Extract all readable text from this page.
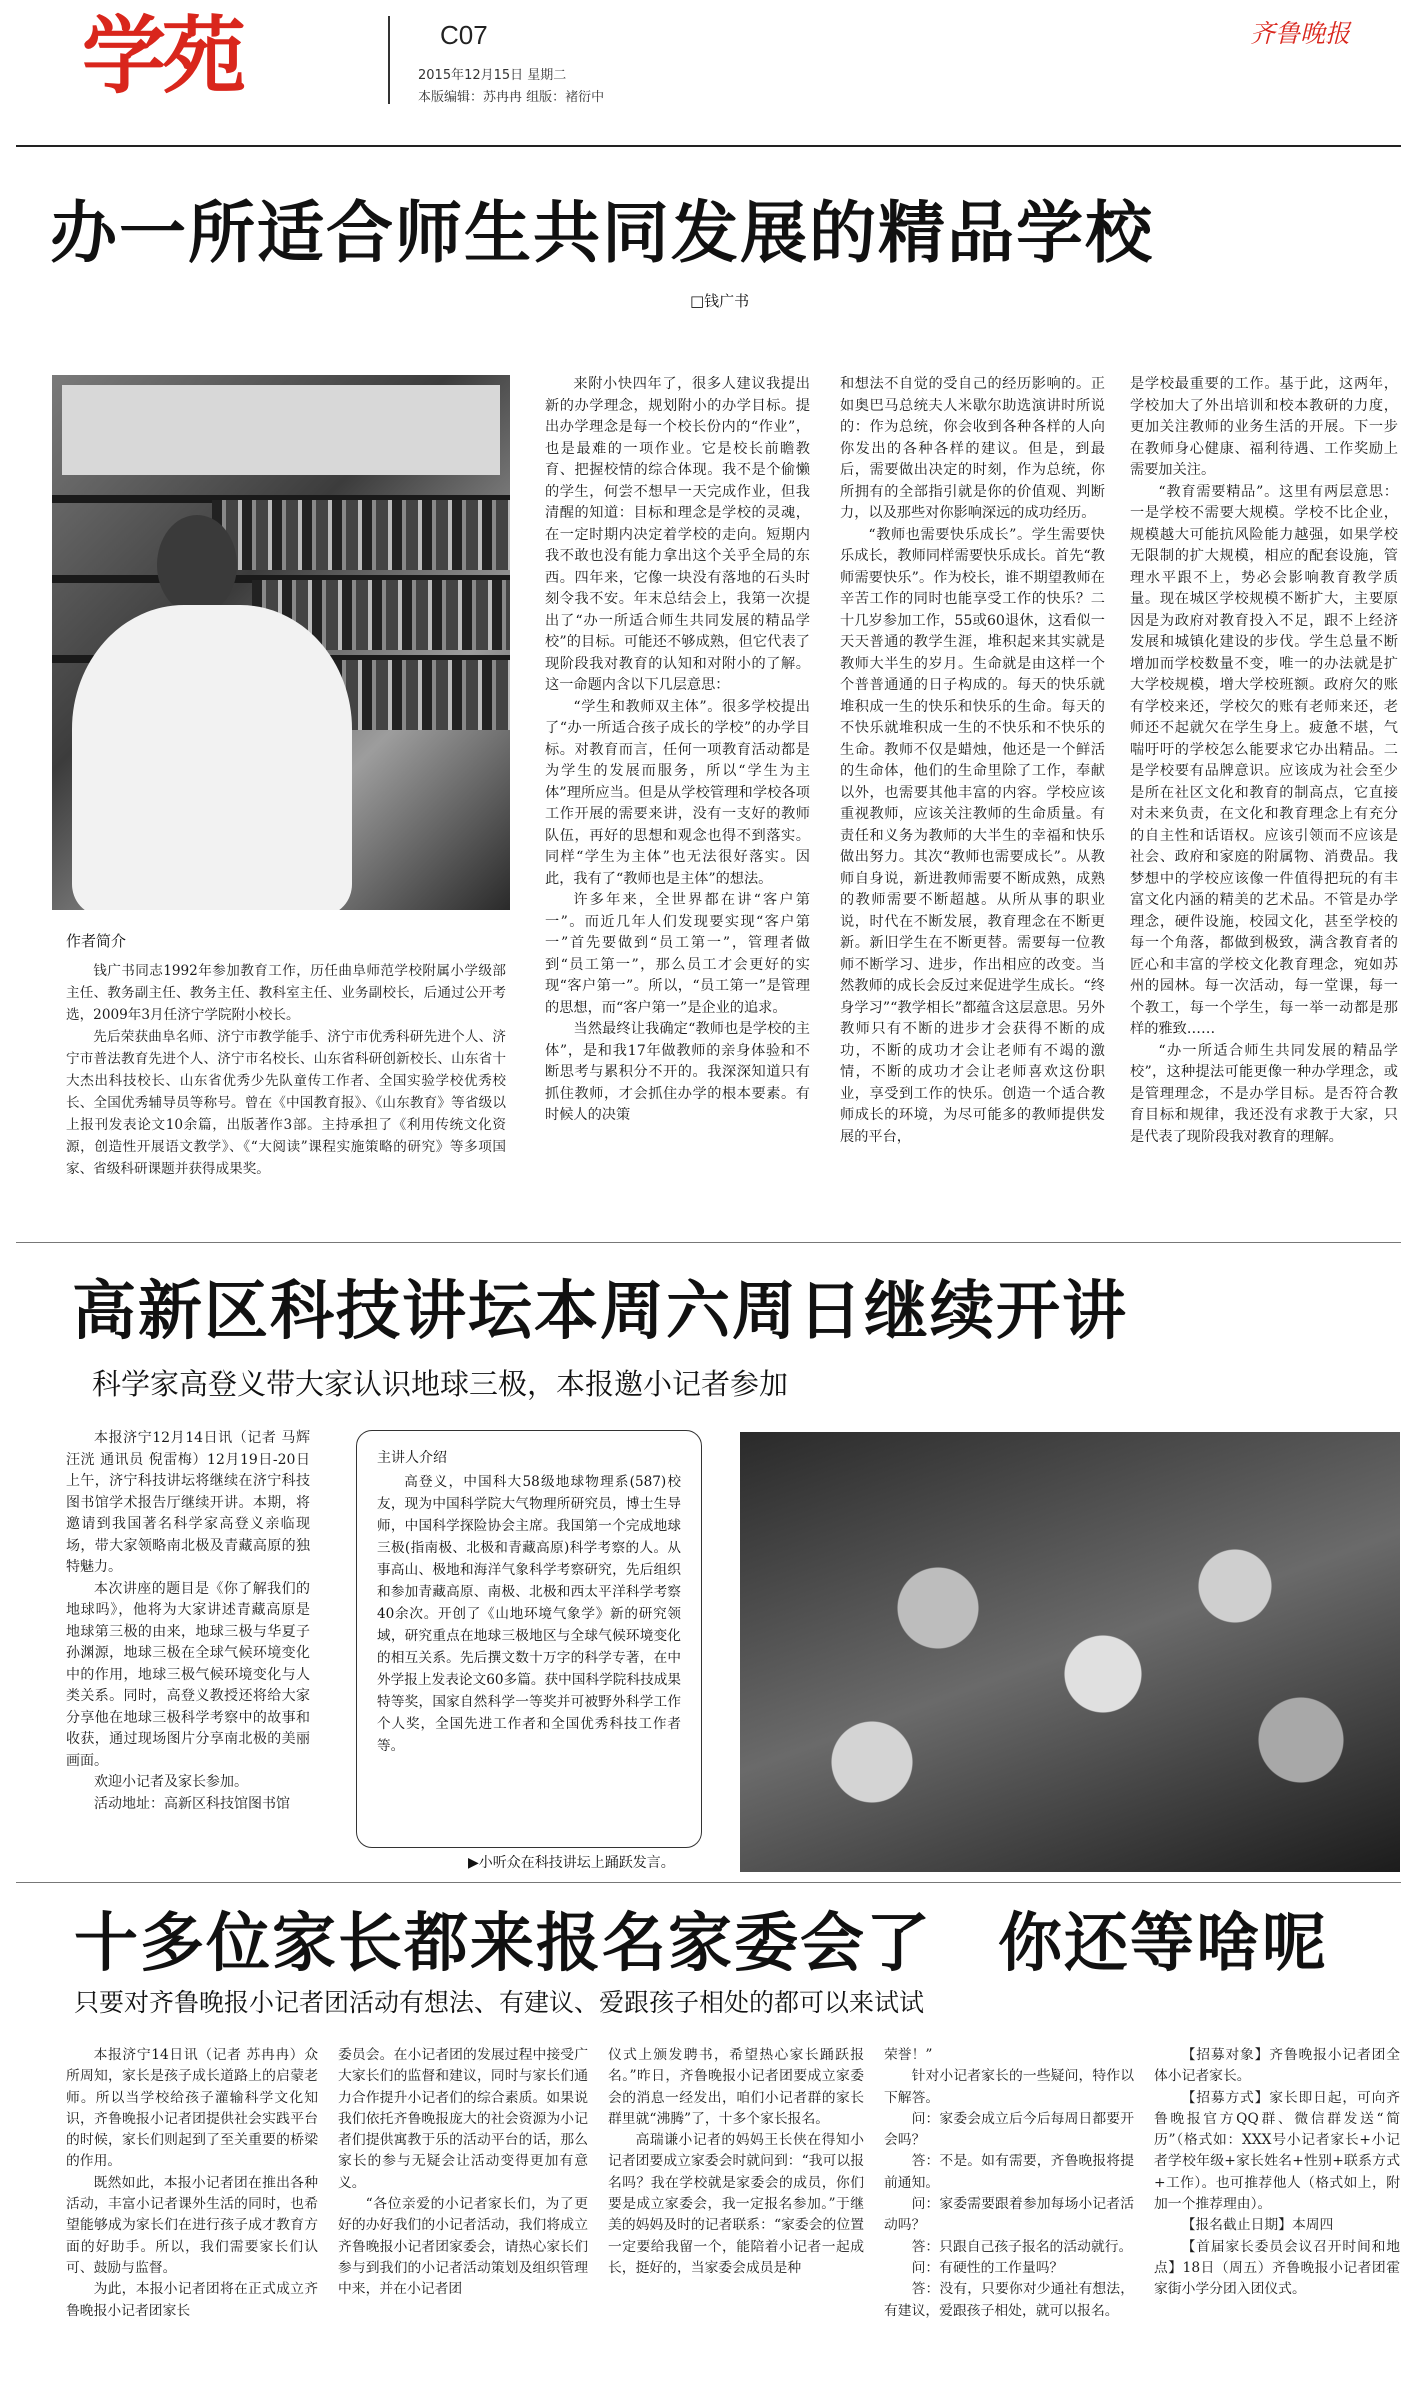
学苑	C07
2015年12月15日 星期二
本版编辑：苏冉冉 组版：褚衍中
齐鲁晚报
办一所适合师生共同发展的精品学校
□钱广书
作者简介

钱广书同志1992年参加教育工作，历任曲阜师范学校附属小学级部主任、教务副主任、教务主任、教科室主任、业务副校长，后通过公开考选，2009年3月任济宁学院附小校长。

先后荣获曲阜名师、济宁市教学能手、济宁市优秀科研先进个人、济宁市普法教育先进个人、济宁市名校长、山东省科研创新校长、山东省十大杰出科技校长、山东省优秀少先队童传工作者、全国实验学校优秀校长、全国优秀辅导员等称号。曾在《中国教育报》、《山东教育》等省级以上报刊发表论文10余篇，出版著作3部。主持承担了《利用传统文化资源，创造性开展语文教学》、《“大阅读”课程实施策略的研究》等多项国家、省级科研课题并获得成果奖。

来附小快四年了，很多人建议我提出新的办学理念，规划附小的办学目标。提出办学理念是每一个校长份内的“作业”，也是最难的一项作业。它是校长前瞻教育、把握校情的综合体现。我不是个偷懒的学生，何尝不想早一天完成作业，但我清醒的知道：目标和理念是学校的灵魂，在一定时期内决定着学校的走向。短期内我不敢也没有能力拿出这个关乎全局的东西。四年来，它像一块没有落地的石头时刻令我不安。年末总结会上，我第一次提出了“办一所适合师生共同发展的精品学校”的目标。可能还不够成熟，但它代表了现阶段我对教育的认知和对附小的了解。这一命题内含以下几层意思：

“学生和教师双主体”。很多学校提出了“办一所适合孩子成长的学校”的办学目标。对教育而言，任何一项教育活动都是为学生的发展而服务，所以“学生为主体”理所应当。但是从学校管理和学校各项工作开展的需要来讲，没有一支好的教师队伍，再好的思想和观念也得不到落实。同样“学生为主体”也无法很好落实。因此，我有了“教师也是主体”的想法。

许多年来，全世界都在讲“客户第一”。而近几年人们发现要实现“客户第一”首先要做到“员工第一”，管理者做到“员工第一”，那么员工才会更好的实现“客户第一”。所以，“员工第一”是管理的思想，而“客户第一”是企业的追求。

当然最终让我确定“教师也是学校的主体”，是和我17年做教师的亲身体验和不断思考与累积分不开的。我深深知道只有抓住教师，才会抓住办学的根本要素。有时候人的决策

和想法不自觉的受自己的经历影响的。正如奥巴马总统夫人米歇尔助选演讲时所说的：作为总统，你会收到各种各样的人向你发出的各种各样的建议。但是，到最后，需要做出决定的时刻，作为总统，你所拥有的全部指引就是你的价值观、判断力，以及那些对你影响深远的成功经历。

“教师也需要快乐成长”。学生需要快乐成长，教师同样需要快乐成长。首先“教师需要快乐”。作为校长，谁不期望教师在辛苦工作的同时也能享受工作的快乐？二十几岁参加工作，55或60退休，这看似一天天普通的教学生涯，堆积起来其实就是教师大半生的岁月。生命就是由这样一个个普普通通的日子构成的。每天的快乐就堆积成一生的快乐和快乐的生命。每天的不快乐就堆积成一生的不快乐和不快乐的生命。教师不仅是蜡烛，他还是一个鲜活的生命体，他们的生命里除了工作，奉献以外，也需要其他丰富的内容。学校应该重视教师，应该关注教师的生命质量。有责任和义务为教师的大半生的幸福和快乐做出努力。其次“教师也需要成长”。从教师自身说，新进教师需要不断成熟，成熟的教师需要不断超越。从所从事的职业说，时代在不断发展，教育理念在不断更新。新旧学生在不断更替。需要每一位教师不断学习、进步，作出相应的改变。当然教师的成长会反过来促进学生成长。“终身学习”“教学相长”都蕴含这层意思。另外教师只有不断的进步才会获得不断的成功，不断的成功才会让老师有不竭的激情，不断的成功才会让老师喜欢这份职业，享受到工作的快乐。创造一个适合教师成长的环境，为尽可能多的教师提供发展的平台，

是学校最重要的工作。基于此，这两年，学校加大了外出培训和校本教研的力度，更加关注教师的业务生活的开展。下一步在教师身心健康、福利待遇、工作奖励上需要加关注。

“教育需要精品”。这里有两层意思：一是学校不需要大规模。学校不比企业，规模越大可能抗风险能力越强，如果学校无限制的扩大规模，相应的配套设施，管理水平跟不上，势必会影响教育教学质量。现在城区学校规模不断扩大，主要原因是为政府对教育投入不足，跟不上经济发展和城镇化建设的步伐。学生总量不断增加而学校数量不变，唯一的办法就是扩大学校规模，增大学校班额。政府欠的账有学校来还，学校欠的账有老师来还，老师还不起就欠在学生身上。疲惫不堪，气喘吁吁的学校怎么能要求它办出精品。二是学校要有品牌意识。应该成为社会至少是所在社区文化和教育的制高点，它直接对未来负责，在文化和教育理念上有充分的自主性和话语权。应该引领而不应该是社会、政府和家庭的附属物、消费品。我梦想中的学校应该像一件值得把玩的有丰富文化内涵的精美的艺术品。不管是办学理念，硬件设施，校园文化，甚至学校的每一个角落，都做到极致，满含教育者的匠心和丰富的学校文化教育理念，宛如苏州的园林。每一次活动，每一堂课，每一个教工，每一个学生，每一举一动都是那样的雅致……

“办一所适合师生共同发展的精品学校”，这种提法可能更像一种办学理念，或是管理理念，不是办学目标。是否符合教育目标和规律，我还没有求教于大家，只是代表了现阶段我对教育的理解。

高新区科技讲坛本周六周日继续开讲
科学家高登义带大家认识地球三极，本报邀小记者参加

本报济宁12月14日讯（记者 马辉 汪洸 通讯员 倪雷梅）12月19日-20日上午，济宁科技讲坛将继续在济宁科技图书馆学术报告厅继续开讲。本期，将邀请到我国著名科学家高登义亲临现场，带大家领略南北极及青藏高原的独特魅力。

本次讲座的题目是《你了解我们的地球吗》，他将为大家讲述青藏高原是地球第三极的由来，地球三极与华夏子孙渊源，地球三极在全球气候环境变化中的作用，地球三极气候环境变化与人类关系。同时，高登义教授还将给大家分享他在地球三极科学考察中的故事和收获，通过现场图片分享南北极的美丽画面。

欢迎小记者及家长参加。

活动地址：高新区科技馆图书馆

主讲人介绍
高登义，中国科大58级地球物理系(587)校友，现为中国科学院大气物理所研究员，博士生导师，中国科学探险协会主席。我国第一个完成地球三极(指南极、北极和青藏高原)科学考察的人。从事高山、极地和海洋气象科学考察研究，先后组织和参加青藏高原、南极、北极和西太平洋科学考察40余次。开创了《山地环境气象学》新的研究领域，研究重点在地球三极地区与全球气候环境变化的相互关系。先后撰文数十万字的科学专著，在中外学报上发表论文60多篇。获中国科学院科技成果特等奖，国家自然科学一等奖并可被野外科学工作个人奖，全国先进工作者和全国优秀科技工作者等。
▶小听众在科技讲坛上踊跃发言。
十多位家长都来报名家委会了　你还等啥呢
只要对齐鲁晚报小记者团活动有想法、有建议、爱跟孩子相处的都可以来试试

本报济宁14日讯（记者 苏冉冉）众所周知，家长是孩子成长道路上的启蒙老师。所以当学校给孩子灌输科学文化知识，齐鲁晚报小记者团提供社会实践平台的时候，家长们则起到了至关重要的桥梁的作用。

既然如此，本报小记者团在推出各种活动，丰富小记者课外生活的同时，也希望能够成为家长们在进行孩子成才教育方面的好助手。所以，我们需要家长们认可、鼓励与监督。

为此，本报小记者团将在正式成立齐鲁晚报小记者团家长

委员会。在小记者团的发展过程中接受广大家长们的监督和建议，同时与家长们通力合作提升小记者们的综合素质。如果说我们依托齐鲁晚报庞大的社会资源为小记者们提供寓教于乐的活动平台的话，那么家长的参与无疑会让活动变得更加有意义。

“各位亲爱的小记者家长们，为了更好的办好我们的小记者活动，我们将成立齐鲁晚报小记者团家委会，请热心家长们参与到我们的小记者活动策划及组织管理中来，并在小记者团

仪式上颁发聘书，希望热心家长踊跃报名。”昨日，齐鲁晚报小记者团要成立家委会的消息一经发出，咱们小记者群的家长群里就“沸腾”了，十多个家长报名。

高瑞谦小记者的妈妈王长侠在得知小记者团要成立家委会时就问到：“我可以报名吗？我在学校就是家委会的成员，你们要是成立家委会，我一定报名参加。”于继美的妈妈及时的记者联系：“家委会的位置一定要给我留一个，能陪着小记者一起成长，挺好的，当家委会成员是种

荣誉！”

针对小记者家长的一些疑问，特作以下解答。

问：家委会成立后今后每周日都要开会吗？

答：不是。如有需要，齐鲁晚报将提前通知。

问：家委需要跟着参加每场小记者活动吗？

答：只跟自己孩子报名的活动就行。

问：有硬性的工作量吗？

答：没有，只要你对少通社有想法，有建议，爱跟孩子相处，就可以报名。

【招募对象】齐鲁晚报小记者团全体小记者家长。

【招募方式】家长即日起，可向齐鲁晚报官方QQ群、微信群发送“简历”（格式如：XXX号小记者家长+小记者学校年级+家长姓名+性别+联系方式+工作）。也可推荐他人（格式如上，附加一个推荐理由）。

【报名截止日期】本周四

【首届家长委员会议召开时间和地点】18日（周五）齐鲁晚报小记者团霍家街小学分团入团仪式。
